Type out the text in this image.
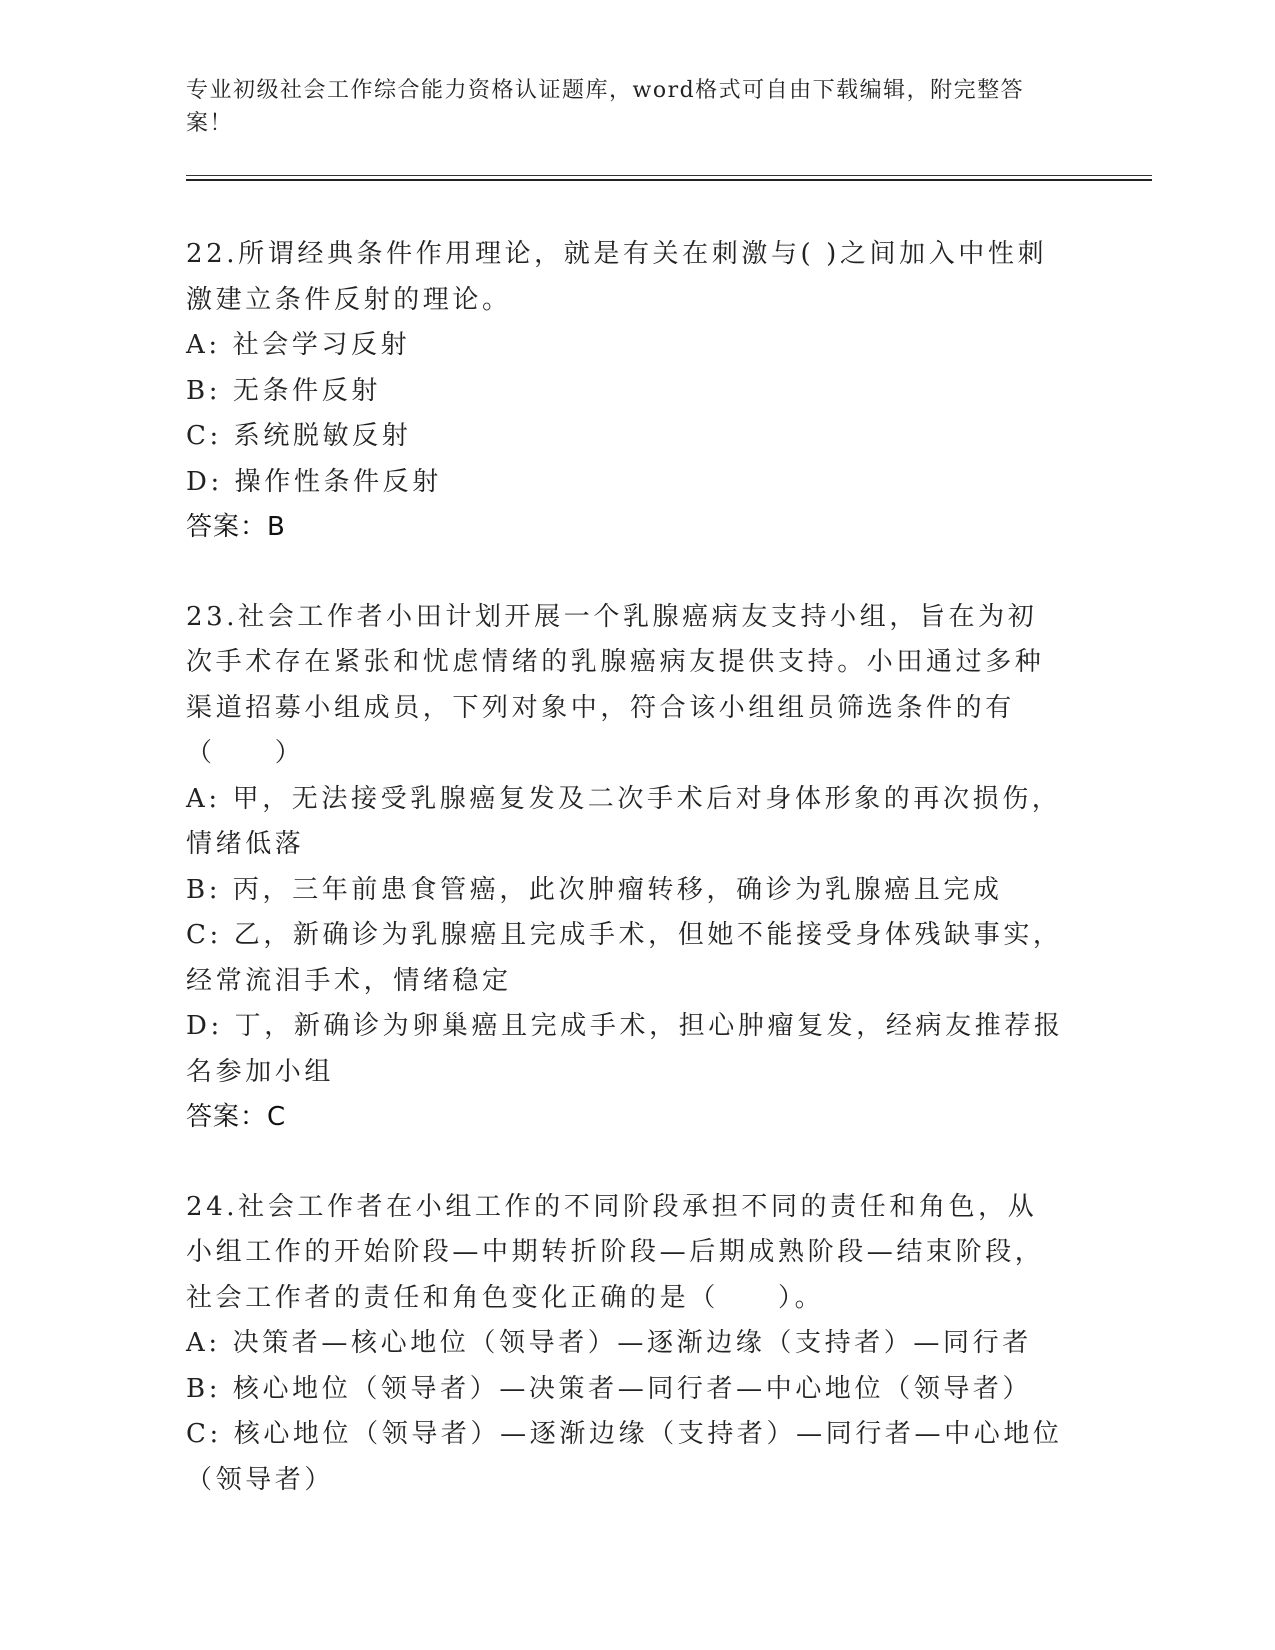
专业初级社会工作综合能力资格认证题库，word格式可自由下载编辑，附完整答案！

22.所谓经典条件作用理论，就是有关在刺激与( )之间加入中性刺激建立条件反射的理论。

A: 社会学习反射

B: 无条件反射

C: 系统脱敏反射

D: 操作性条件反射

答案：B

23.社会工作者小田计划开展一个乳腺癌病友支持小组，旨在为初次手术存在紧张和忧虑情绪的乳腺癌病友提供支持。小田通过多种渠道招募小组成员，下列对象中，符合该小组组员筛选条件的有（　　）

A: 甲，无法接受乳腺癌复发及二次手术后对身体形象的再次损伤，情绪低落

B: 丙，三年前患食管癌，此次肿瘤转移，确诊为乳腺癌且完成

C: 乙，新确诊为乳腺癌且完成手术，但她不能接受身体残缺事实，经常流泪手术，情绪稳定

D: 丁，新确诊为卵巢癌且完成手术，担心肿瘤复发，经病友推荐报名参加小组

答案：C

24.社会工作者在小组工作的不同阶段承担不同的责任和角色，从小组工作的开始阶段—中期转折阶段—后期成熟阶段—结束阶段，社会工作者的责任和角色变化正确的是（　　）。

A: 决策者—核心地位（领导者）—逐渐边缘（支持者）—同行者

B: 核心地位（领导者）—决策者—同行者—中心地位（领导者）

C: 核心地位（领导者）—逐渐边缘（支持者）—同行者—中心地位（领导者）
